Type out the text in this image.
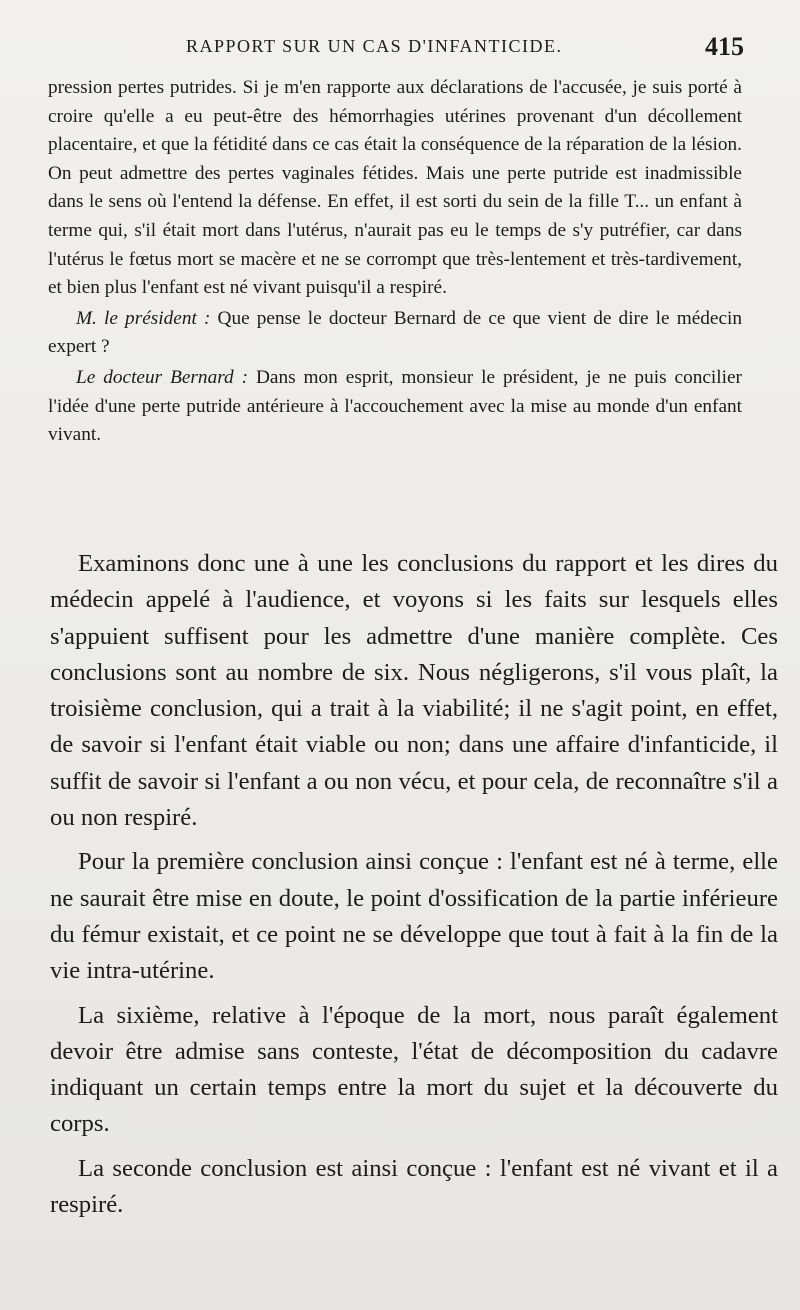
RAPPORT SUR UN CAS D'INFANTICIDE.	415

pression pertes putrides. Si je m'en rapporte aux déclarations de l'accusée, je suis porté à croire qu'elle a eu peut-être des hémorrhagies utérines provenant d'un décollement placentaire, et que la fétidité dans ce cas était la conséquence de la réparation de la lésion. On peut admettre des pertes vaginales fétides. Mais une perte putride est inadmissible dans le sens où l'entend la défense. En effet, il est sorti du sein de la fille T... un enfant à terme qui, s'il était mort dans l'utérus, n'aurait pas eu le temps de s'y putréfier, car dans l'utérus le fœtus mort se macère et ne se corrompt que très-lentement et très-tardivement, et bien plus l'enfant est né vivant puisqu'il a respiré.

M. le président : Que pense le docteur Bernard de ce que vient de dire le médecin expert ?

Le docteur Bernard : Dans mon esprit, monsieur le président, je ne puis concilier l'idée d'une perte putride antérieure à l'accouchement avec la mise au monde d'un enfant vivant.

Examinons donc une à une les conclusions du rapport et les dires du médecin appelé à l'audience, et voyons si les faits sur lesquels elles s'appuient suffisent pour les admettre d'une manière complète. Ces conclusions sont au nombre de six. Nous négligerons, s'il vous plaît, la troisième conclusion, qui a trait à la viabilité; il ne s'agit point, en effet, de savoir si l'enfant était viable ou non; dans une affaire d'infanticide, il suffit de savoir si l'enfant a ou non vécu, et pour cela, de reconnaître s'il a ou non respiré.

Pour la première conclusion ainsi conçue : l'enfant est né à terme, elle ne saurait être mise en doute, le point d'ossification de la partie inférieure du fémur existait, et ce point ne se développe que tout à fait à la fin de la vie intra-utérine.

La sixième, relative à l'époque de la mort, nous paraît également devoir être admise sans conteste, l'état de décomposition du cadavre indiquant un certain temps entre la mort du sujet et la découverte du corps.

La seconde conclusion est ainsi conçue : l'enfant est né vivant et il a respiré.
